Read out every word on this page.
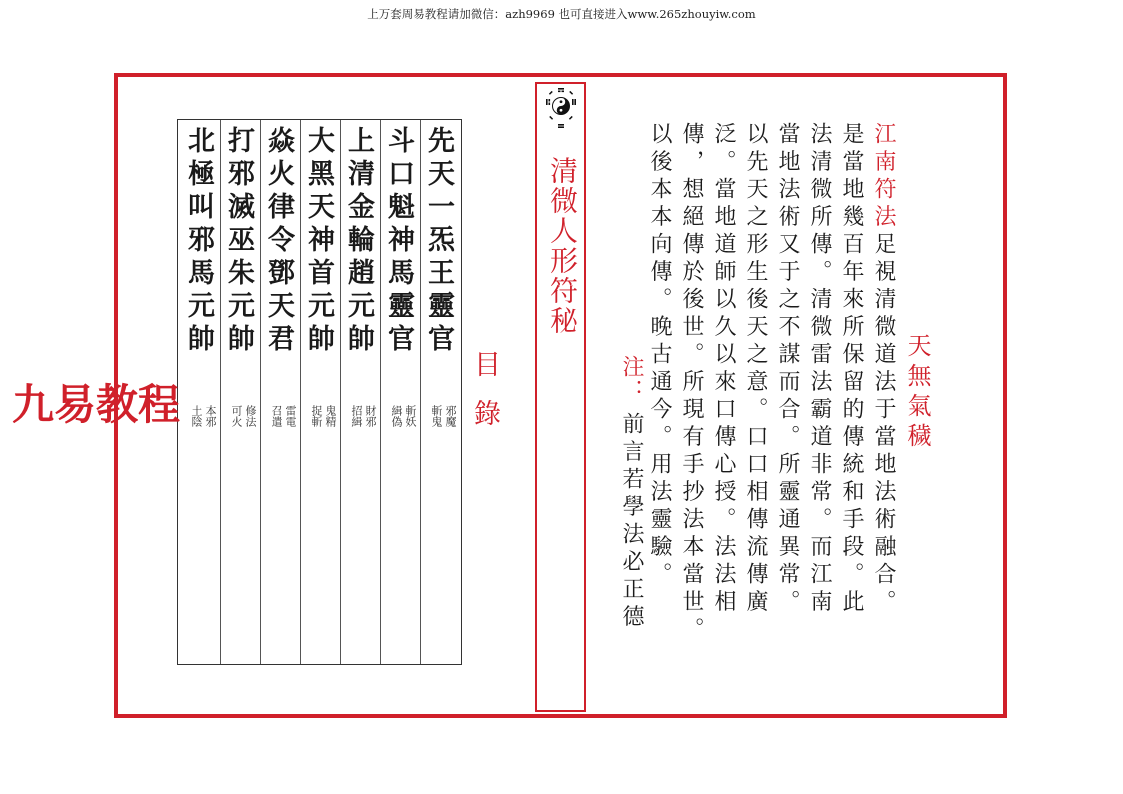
上万套周易教程请加微信：azh9969 也可直接进入www.265zhouyiw.com
先天一炁王靈官
邪魔
斬鬼
斗口魁神馬靈官
斬妖
緝偽
上清金輪趙元帥
財邪
招緝
大黑天神首元帥
鬼精
捉斬
焱火律令鄧天君
雷電
召遣
打邪滅巫朱元帥
修法
可火
北極叫邪馬元帥
本邪
土陰	目錄
清微人形符秘
天無氣穢
江南符法足視清微道法于當地法術融合。
是當地幾百年來所保留的傳統和手段。此
法清微所傳。清微雷法霸道非常。而江南
當地法術又于之不謀而合。所靈通異常。
以先天之形生後天之意。口口相傳流傳廣
泛。當地道師以久以來口傳心授。法法相
傳，想絕傳於後世。所現有手抄法本當世。
以後本本向傳。晚古通今。用法靈驗。
注：
前言若學法必正德
九易教程
